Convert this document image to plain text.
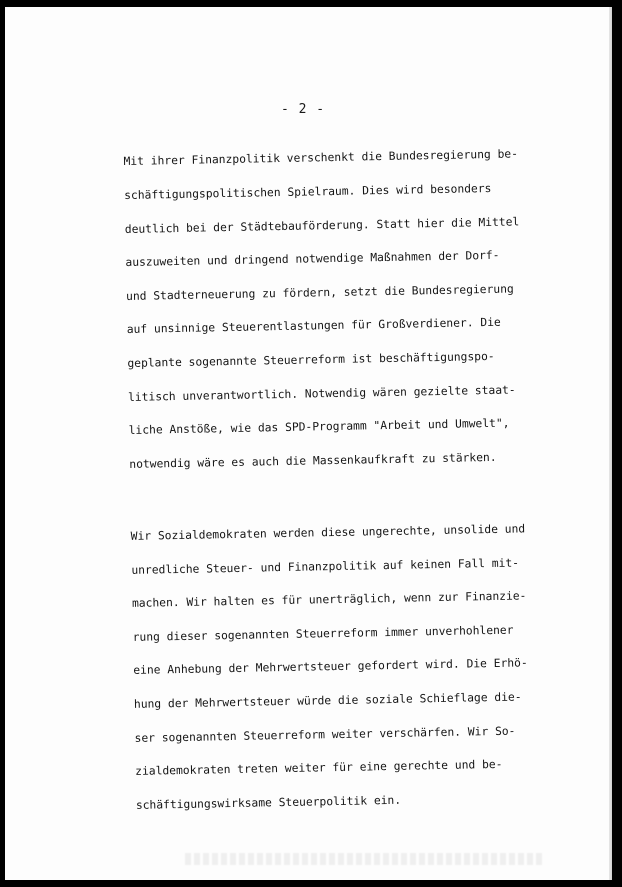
- 2 -

Mit ihrer Finanzpolitik verschenkt die Bundesregierung be-

schäftigungspolitischen Spielraum. Dies wird besonders

deutlich bei der Städtebauförderung. Statt hier die Mittel

auszuweiten und dringend notwendige Maßnahmen der Dorf-

und Stadterneuerung zu fördern, setzt die Bundesregierung

auf unsinnige Steuerentlastungen für Großverdiener. Die

geplante sogenannte Steuerreform ist beschäftigungspo-

litisch unverantwortlich. Notwendig wären gezielte staat-

liche Anstöße, wie das SPD-Programm "Arbeit und Umwelt",

notwendig wäre es auch die Massenkaufkraft zu stärken.

Wir Sozialdemokraten werden diese ungerechte, unsolide und

unredliche Steuer- und Finanzpolitik auf keinen Fall mit-

machen. Wir halten es für unerträglich, wenn zur Finanzie-

rung dieser sogenannten Steuerreform immer unverhohlener

eine Anhebung der Mehrwertsteuer gefordert wird. Die Erhö-

hung der Mehrwertsteuer würde die soziale Schieflage die-

ser sogenannten Steuerreform weiter verschärfen. Wir So-

zialdemokraten treten weiter für eine gerechte und be-

schäftigungswirksame Steuerpolitik ein.
